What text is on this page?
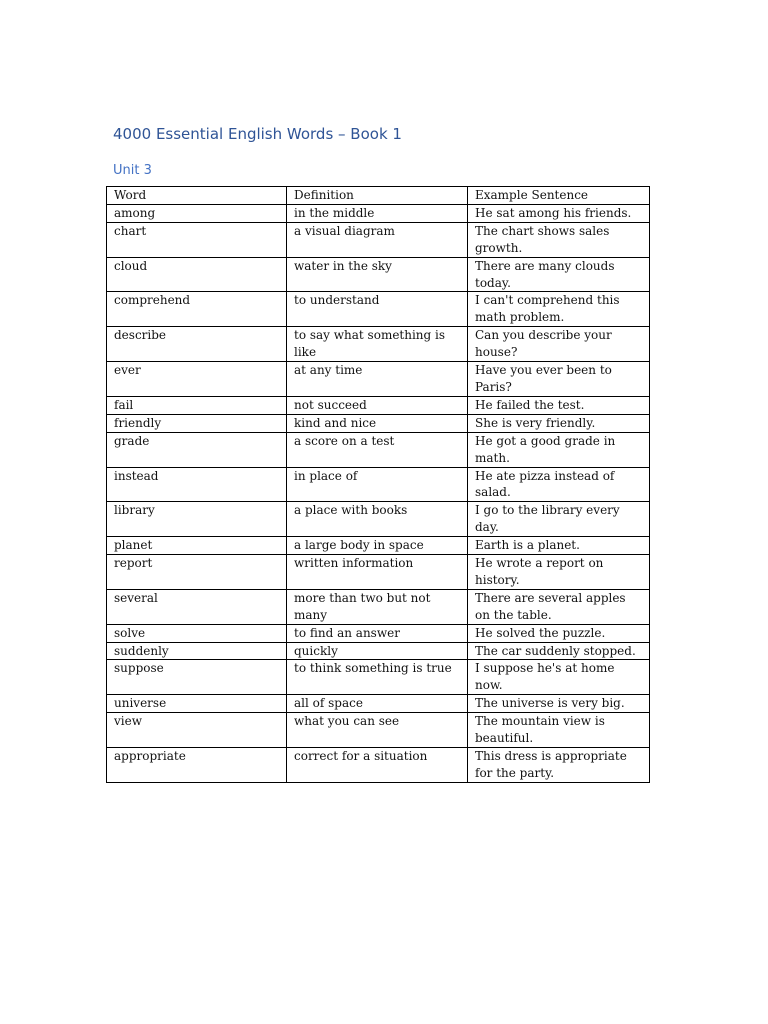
4000 Essential English Words – Book 1
Unit 3
Word	Definition	Example Sentence
among	in the middle	He sat among his friends.
chart	a visual diagram	The chart shows sales growth.
cloud	water in the sky	There are many clouds today.
comprehend	to understand	I can't comprehend this math problem.
describe	to say what something is like	Can you describe your house?
ever	at any time	Have you ever been to Paris?
fail	not succeed	He failed the test.
friendly	kind and nice	She is very friendly.
grade	a score on a test	He got a good grade in math.
instead	in place of	He ate pizza instead of salad.
library	a place with books	I go to the library every day.
planet	a large body in space	Earth is a planet.
report	written information	He wrote a report on history.
several	more than two but not many	There are several apples on the table.
solve	to find an answer	He solved the puzzle.
suddenly	quickly	The car suddenly stopped.
suppose	to think something is true	I suppose he's at home now.
universe	all of space	The universe is very big.
view	what you can see	The mountain view is beautiful.
appropriate	correct for a situation	This dress is appropriate for the party.
